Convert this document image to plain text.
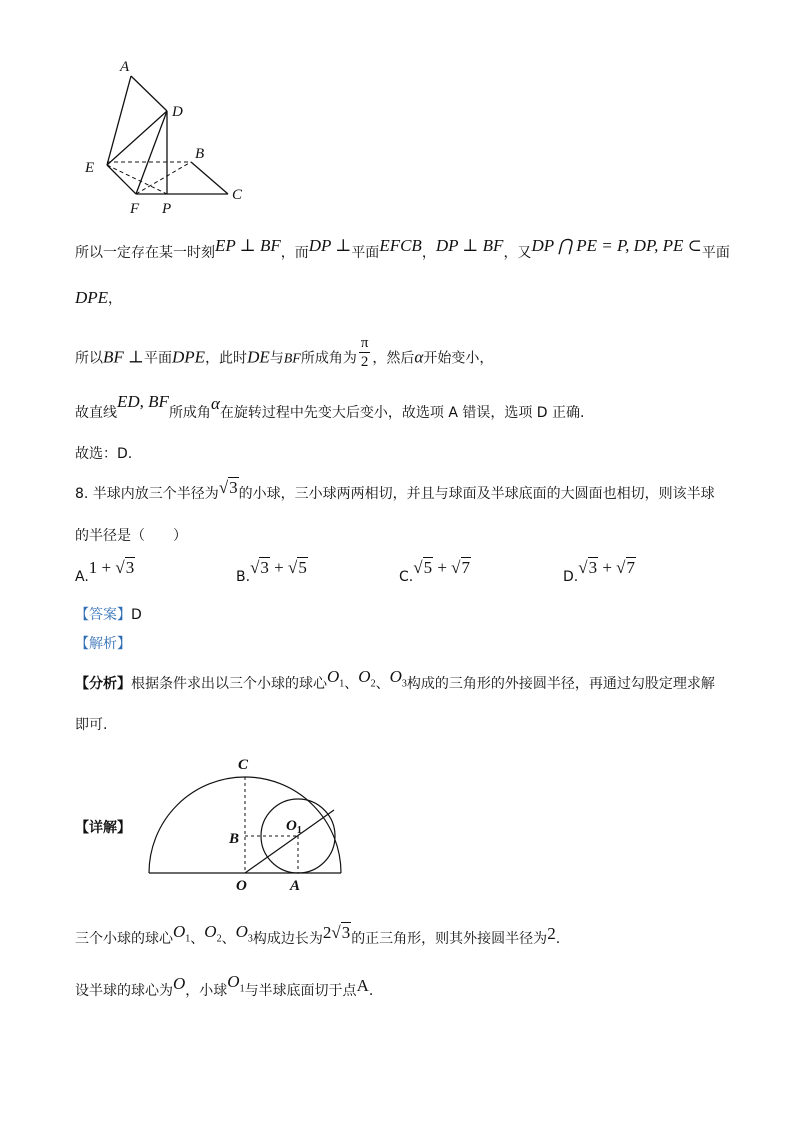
A
D
B
E
C
F P
所以一定存在某一时刻EP ⊥ BF，而DP ⊥平面EFCB，DP ⊥ BF，又DP ⋂ PE = P, DP, PE ⊂平面
DPE，
所以BF ⊥平面DPE，此时DE与BF所成角为 $\frac{\pi}{2}$ ，然后α开始变小，
故直线ED, BF所成角α在旋转过程中先变大后变小，故选项 A 错误，选项 D 正确.
故选：D.
8. 半球内放三个半径为√3的小球，三小球两两相切，并且与球面及半球底面的大圆面也相切，则该半球
的半径是（　　）
A.1 + √3	B.√3 + √5	C.√5 + √7	D.√3 + √7
【答案】D
【解析】
【分析】根据条件求出以三个小球的球心$O_1$、$O_2$、$O_3$构成的三角形的外接圆半径，再通过勾股定理求解
即可.
【详解】
C
B
$O_1$
O	A
三个小球的球心$O_1$、$O_2$、$O_3$构成边长为2√3的正三角形，则其外接圆半径为2.
设半球的球心为O，小球$O_1$与半球底面切于点A.
